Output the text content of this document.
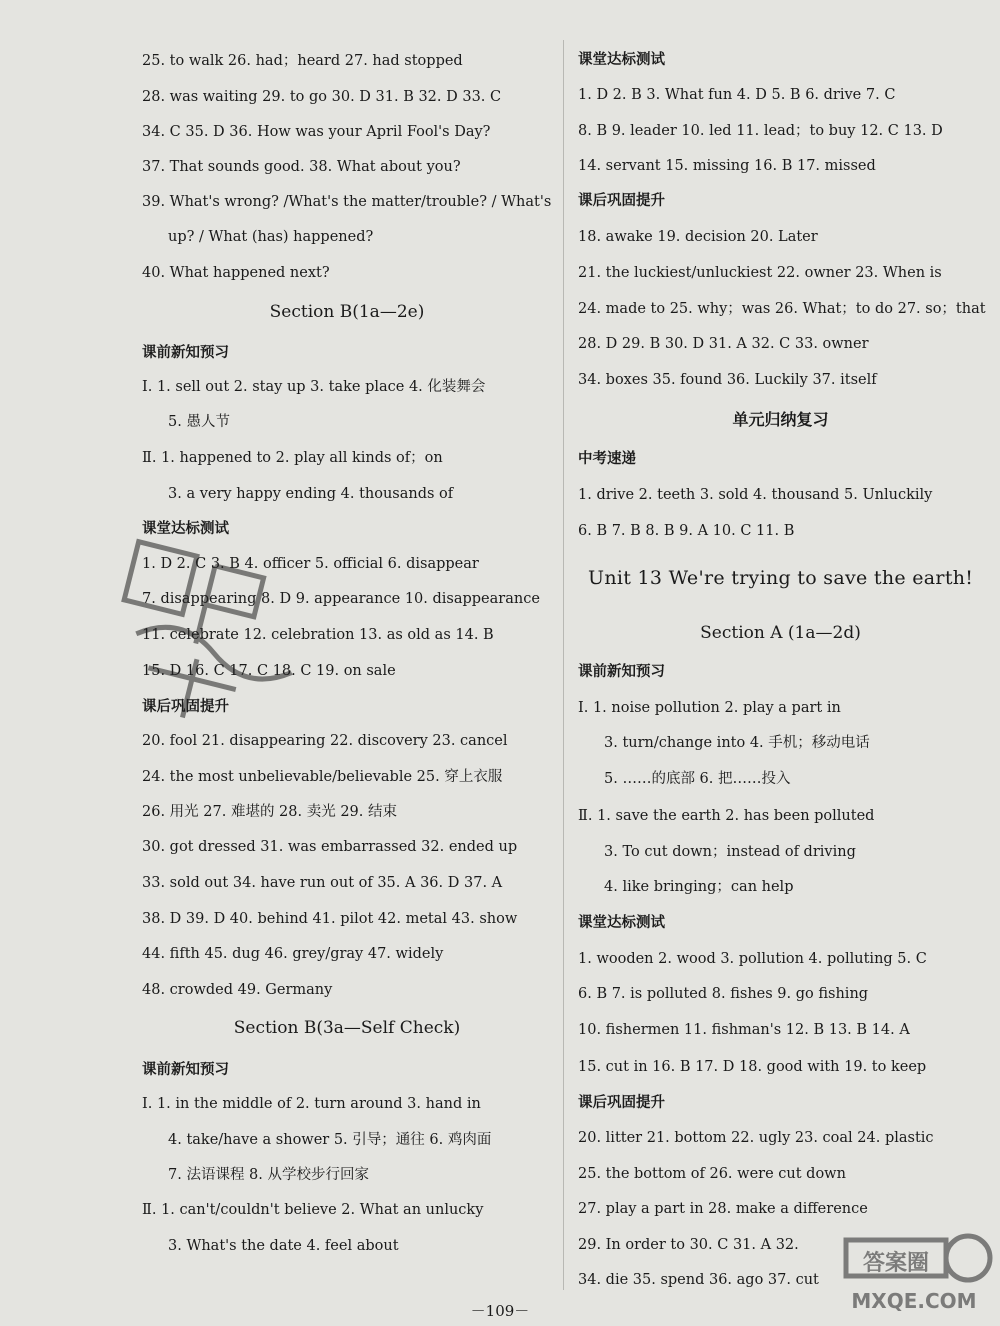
25. to walk 26. had；heard 27. had stopped
28. was waiting 29. to go 30. D 31. B 32. D 33. C
34. C 35. D 36. How was your April Fool's Day?
37. That sounds good. 38. What about you?
39. What's wrong? /What's the matter/trouble? / What's
up? / What (has) happened?
40. What happened next?
Section B(1a—2e)
课前新知预习
Ⅰ. 1. sell out 2. stay up 3. take place 4. 化装舞会
5. 愚人节
Ⅱ. 1. happened to 2. play all kinds of；on
3. a very happy ending 4. thousands of
课堂达标测试
1. D 2. C 3. B 4. officer 5. official 6. disappear
7. disappearing 8. D 9. appearance 10. disappearance
11. celebrate 12. celebration 13. as old as 14. B
15. D 16. C 17. C 18. C 19. on sale
课后巩固提升
20. fool 21. disappearing 22. discovery 23. cancel
24. the most unbelievable/believable 25. 穿上衣服
26. 用光 27. 难堪的 28. 卖光 29. 结束
30. got dressed 31. was embarrassed 32. ended up
33. sold out 34. have run out of 35. A 36. D 37. A
38. D 39. D 40. behind 41. pilot 42. metal 43. show
44. fifth 45. dug 46. grey/gray 47. widely
48. crowded 49. Germany
Section B(3a—Self Check)
课前新知预习
Ⅰ. 1. in the middle of 2. turn around 3. hand in
4. take/have a shower 5. 引导；通往 6. 鸡肉面
7. 法语课程 8. 从学校步行回家
Ⅱ. 1. can't/couldn't believe 2. What an unlucky
3. What's the date 4. feel about
课堂达标测试
1. D 2. B 3. What fun 4. D 5. B 6. drive 7. C
8. B 9. leader 10. led 11. lead；to buy 12. C 13. D
14. servant 15. missing 16. B 17. missed
课后巩固提升
18. awake 19. decision 20. Later
21. the luckiest/unluckiest 22. owner 23. When is
24. made to 25. why；was 26. What；to do 27. so；that
28. D 29. B 30. D 31. A 32. C 33. owner
34. boxes 35. found 36. Luckily 37. itself
单元归纳复习
中考速递
1. drive 2. teeth 3. sold 4. thousand 5. Unluckily
6. B 7. B 8. B 9. A 10. C 11. B
Unit 13 We're trying to save the earth!
Section A (1a—2d)
课前新知预习
Ⅰ. 1. noise pollution 2. play a part in
3. turn/change into 4. 手机；移动电话
5. ……的底部 6. 把……投入
Ⅱ. 1. save the earth 2. has been polluted
3. To cut down；instead of driving
4. like bringing；can help
课堂达标测试
1. wooden 2. wood 3. pollution 4. polluting 5. C
6. B 7. is polluted 8. fishes 9. go fishing
10. fishermen 11. fishman's 12. B 13. B 14. A
15. cut in 16. B 17. D 18. good with 19. to keep
课后巩固提升
20. litter 21. bottom 22. ugly 23. coal 24. plastic
25. the bottom of 26. were cut down
27. play a part in 28. make a difference
29. In order to 30. C 31. A 32.
34. die 35. spend 36. ago 37. cut
答案圈
MXQE.COM
－109－
